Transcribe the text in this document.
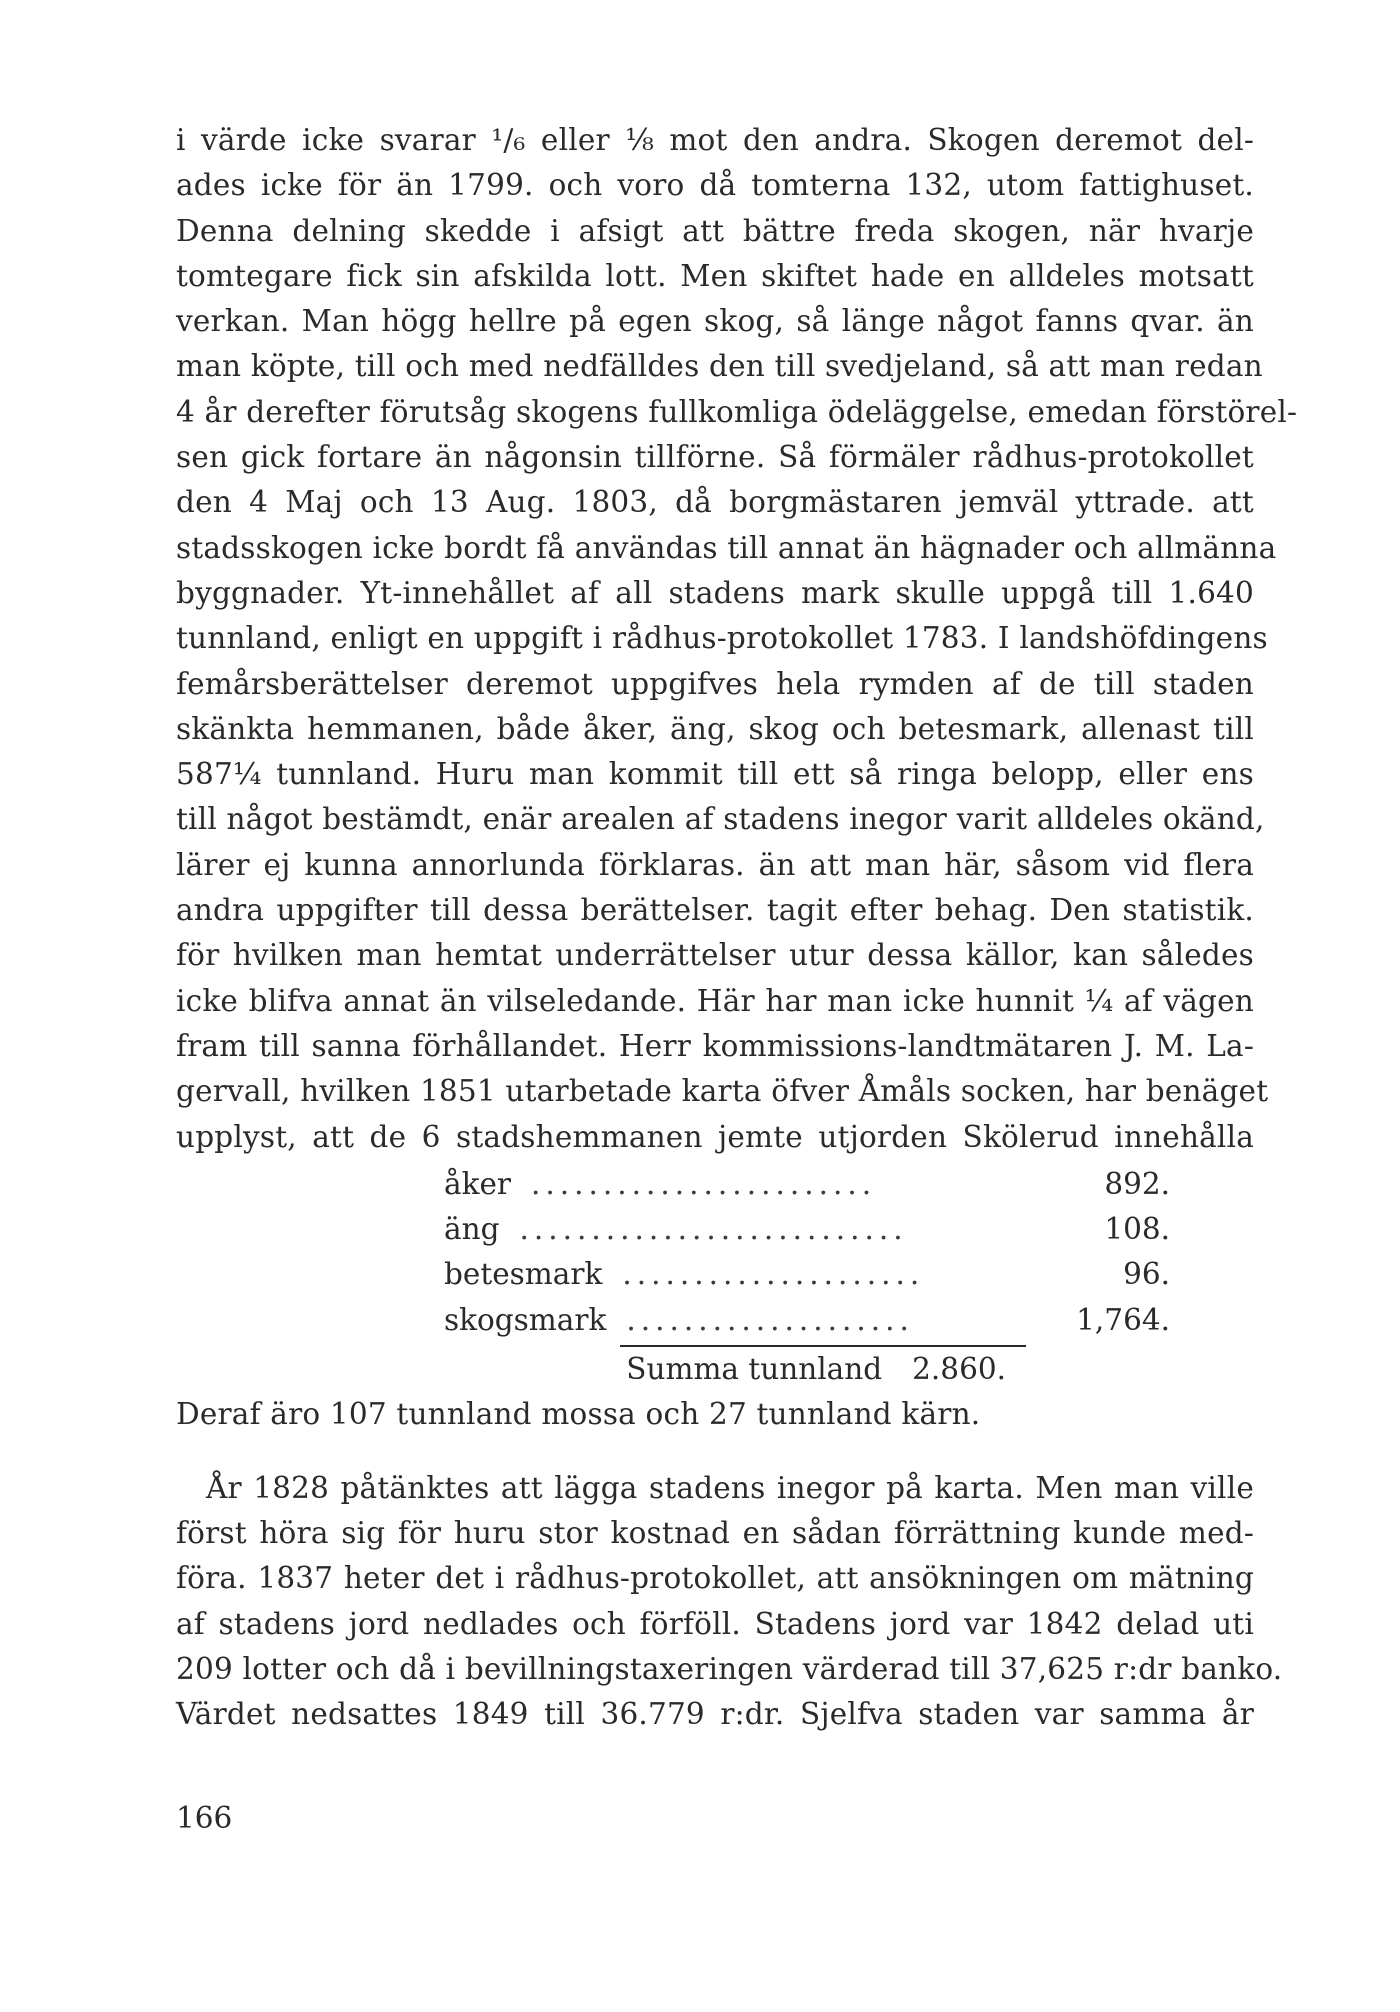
i värde icke svarar ¹/₆ eller ⅛ mot den andra. Skogen deremot del-
ades icke för än 1799. och voro då tomterna 132, utom fattighuset.
Denna delning skedde i afsigt att bättre freda skogen, när hvarje
tomtegare fick sin afskilda lott. Men skiftet hade en alldeles motsatt
verkan. Man högg hellre på egen skog, så länge något fanns qvar. än
man köpte, till och med nedfälldes den till svedjeland, så att man redan
4 år derefter förutsåg skogens fullkomliga ödeläggelse, emedan förstörel-
sen gick fortare än någonsin tillförne. Så förmäler rådhus-protokollet
den 4 Maj och 13 Aug. 1803, då borgmästaren jemväl yttrade. att
stadsskogen icke bordt få användas till annat än hägnader och allmänna
byggnader. Yt-innehållet af all stadens mark skulle uppgå till 1.640
tunnland, enligt en uppgift i rådhus-protokollet 1783. I landshöfdingens
femårsberättelser deremot uppgifves hela rymden af de till staden
skänkta hemmanen, både åker, äng, skog och betesmark, allenast till
587¼ tunnland. Huru man kommit till ett så ringa belopp, eller ens
till något bestämdt, enär arealen af stadens inegor varit alldeles okänd,
lärer ej kunna annorlunda förklaras. än att man här, såsom vid flera
andra uppgifter till dessa berättelser. tagit efter behag. Den statistik.
för hvilken man hemtat underrättelser utur dessa källor, kan således
icke blifva annat än vilseledande. Här har man icke hunnit ¼ af vägen
fram till sanna förhållandet. Herr kommissions-landtmätaren J. M. La-
gervall, hvilken 1851 utarbetade karta öfver Åmåls socken, har benäget
upplyst, att de 6 stadshemmanen jemte utjorden Skölerud innehålla
åker ........................	892.
äng ...........................	108.
betesmark .....................	96.
skogsmark ....................	1,764.
Summa tunnland 2.860.
Deraf äro 107 tunnland mossa och 27 tunnland kärn.
År 1828 påtänktes att lägga stadens inegor på karta. Men man ville
först höra sig för huru stor kostnad en sådan förrättning kunde med-
föra. 1837 heter det i rådhus-protokollet, att ansökningen om mätning
af stadens jord nedlades och förföll. Stadens jord var 1842 delad uti
209 lotter och då i bevillningstaxeringen värderad till 37,625 r:dr banko.
Värdet nedsattes 1849 till 36.779 r:dr. Sjelfva staden var samma år
166
